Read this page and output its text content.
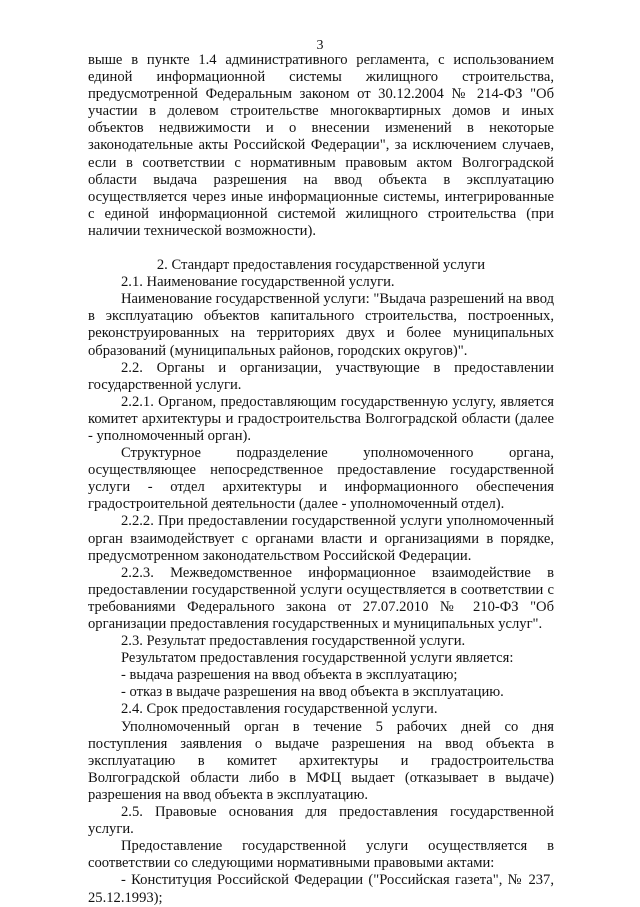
3

выше в пункте 1.4 административного регламента, с использованием единой информационной системы жилищного строительства, предусмотренной Федеральным законом от 30.12.2004 № 214-ФЗ "Об участии в долевом строительстве многоквартирных домов и иных объектов недвижимости и о внесении изменений в некоторые законодательные акты Российской Федерации", за исключением случаев, если в соответствии с нормативным правовым актом Волгоградской области выдача разрешения на ввод объекта в эксплуатацию осуществляется через иные информационные системы, интегрированные с единой информационной системой жилищного строительства (при наличии технической возможности).

2. Стандарт предоставления государственной услуги

2.1. Наименование государственной услуги.

Наименование государственной услуги: "Выдача разрешений на ввод в эксплуатацию объектов капитального строительства, построенных, реконструированных на территориях двух и более муниципальных образований (муниципальных районов, городских округов)".

2.2. Органы и организации, участвующие в предоставлении государственной услуги.

2.2.1. Органом, предоставляющим государственную услугу, является комитет архитектуры и градостроительства Волгоградской области (далее - уполномоченный орган).

Структурное подразделение уполномоченного органа, осуществляющее непосредственное предоставление государственной услуги - отдел архитектуры и информационного обеспечения градостроительной деятельности (далее - уполномоченный отдел).

2.2.2. При предоставлении государственной услуги уполномоченный орган взаимодействует с органами власти и организациями в порядке, предусмотренном законодательством Российской Федерации.

2.2.3. Межведомственное информационное взаимодействие в предоставлении государственной услуги осуществляется в соответствии с требованиями Федерального закона от 27.07.2010 № 210-ФЗ "Об организации предоставления государственных и муниципальных услуг".

2.3. Результат предоставления государственной услуги.

Результатом предоставления государственной услуги является:

- выдача разрешения на ввод объекта в эксплуатацию;

- отказ в выдаче разрешения на ввод объекта в эксплуатацию.

2.4. Срок предоставления государственной услуги.

Уполномоченный орган в течение 5 рабочих дней со дня поступления заявления о выдаче разрешения на ввод объекта в эксплуатацию в комитет архитектуры и градостроительства Волгоградской области либо в МФЦ выдает (отказывает в выдаче) разрешения на ввод объекта в эксплуатацию.

2.5. Правовые основания для предоставления государственной услуги.

Предоставление государственной услуги осуществляется в соответствии со следующими нормативными правовыми актами:

- Конституция Российской Федерации ("Российская газета", № 237, 25.12.1993);
